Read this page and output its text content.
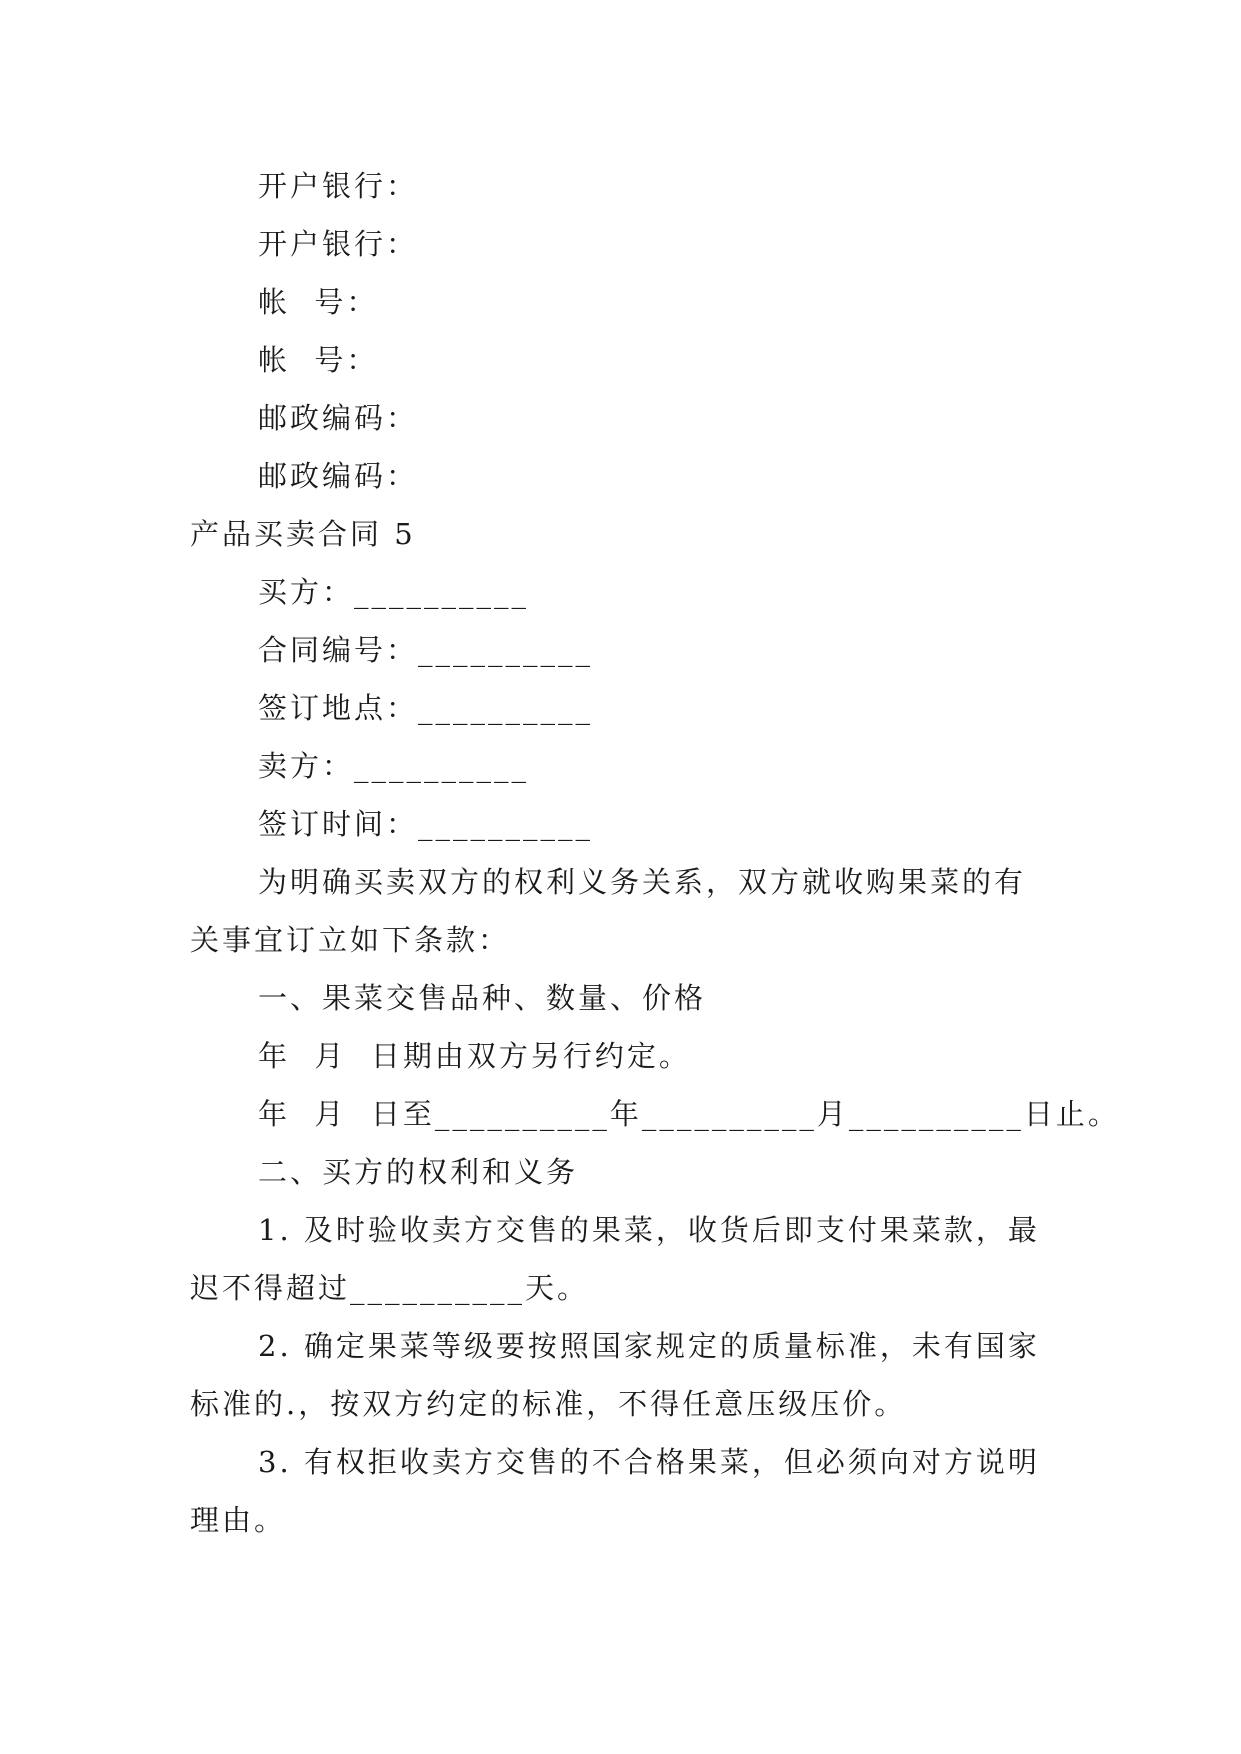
开户银行：
开户银行：
帐  号：
帐  号：
邮政编码：
邮政编码：
产品买卖合同 5
买方：__________
合同编号：__________
签订地点：__________
卖方：__________
签订时间：__________
为明确买卖双方的权利义务关系，双方就收购果菜的有
关事宜订立如下条款：
一、果菜交售品种、数量、价格
年  月  日期由双方另行约定。
年  月  日至__________年__________月__________日止。
二、买方的权利和义务
1. 及时验收卖方交售的果菜，收货后即支付果菜款，最
迟不得超过__________天。
2. 确定果菜等级要按照国家规定的质量标准，未有国家
标准的.，按双方约定的标准，不得任意压级压价。
3. 有权拒收卖方交售的不合格果菜，但必须向对方说明
理由。
